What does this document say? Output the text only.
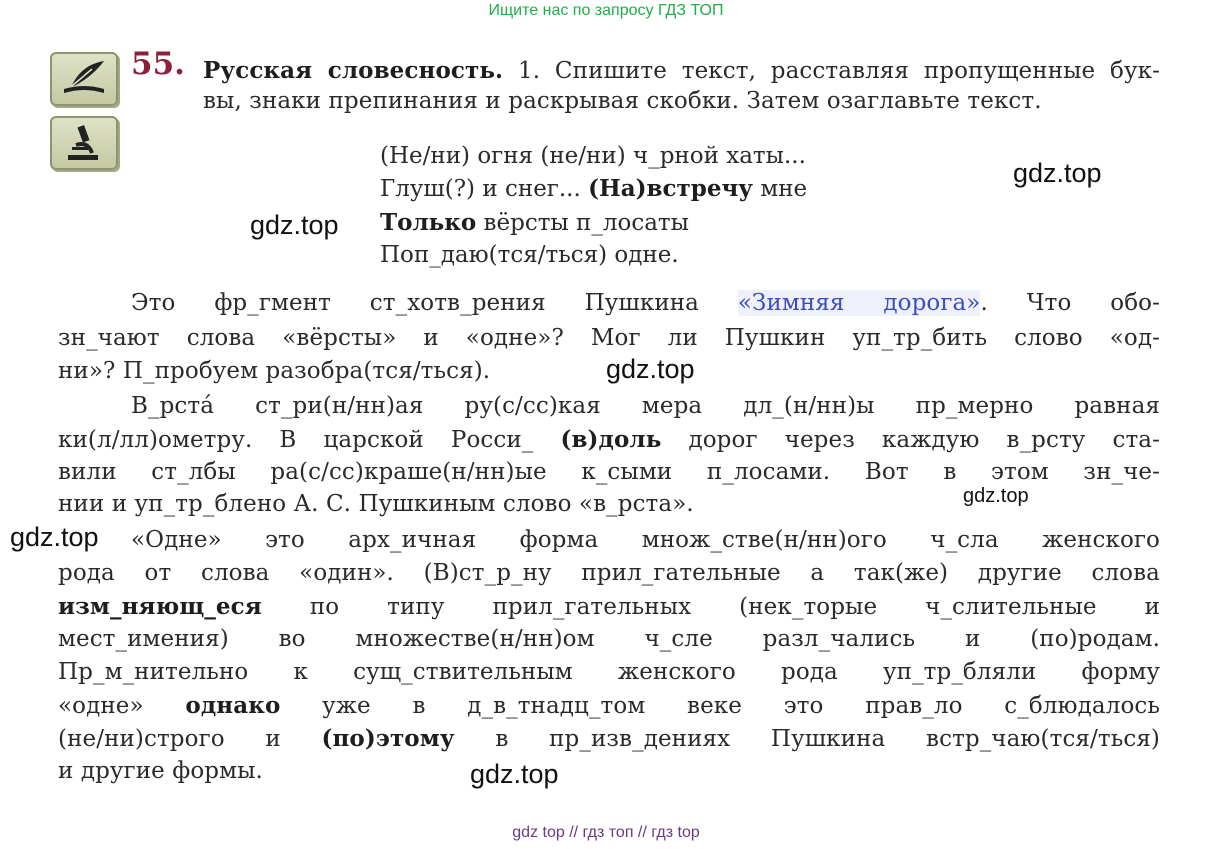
Ищите нас по запросу ГДЗ ТОП
55. Русская словесность. 1. Спишите текст, расставляя пропущенные бук-
вы, знаки препинания и раскрывая скобки. Затем озаглавьте текст.
(Не/ни) огня (не/ни) ч_рной хаты...
Глуш(?) и снег... (На)встречу мне
Только вёрсты п_лосаты
Поп_даю(тся/ться) одне.
Это фр_гмент ст_хотв_рения Пушкина «Зимняя дорога». Что обо-
зн_чают слова «вёрсты» и «одне»? Мог ли Пушкин уп_тр_бить слово «од-
ни»? П_пробуем разобра(тся/ться).
В_рстá ст_ри(н/нн)ая ру(с/сс)кая мера дл_(н/нн)ы пр_мерно равная
ки(л/лл)ометру. В царской Росси_ (в)доль дорог через каждую в_рсту ста-
вили ст_лбы ра(с/сс)краше(н/нн)ые к_сыми п_лосами. Вот в этом зн_че-
нии и уп_тр_блено А. С. Пушкиным слово «в_рста».
«Одне» это арх_ичная форма множ_стве(н/нн)ого ч_сла женского
рода от слова «один». (В)ст_р_ну прил_гательные а так(же) другие слова
изм_няющ_еся по типу прил_гательных (нек_торые ч_слительные и
мест_имения) во множестве(н/нн)ом ч_сле разл_чались и (по)родам.
Пр_м_нительно к сущ_ствительным женского рода уп_тр_бляли форму
«одне» однако уже в д_в_тнадц_том веке это прав_ло с_блюдалось
(не/ни)строго и (по)этому в пр_изв_дениях Пушкина встр_чаю(тся/ться)
и другие формы.
gdz.top
gdz.top
gdz.top
gdz.top
gdz.top
gdz.top
gdz top // гдз топ // гдз top
